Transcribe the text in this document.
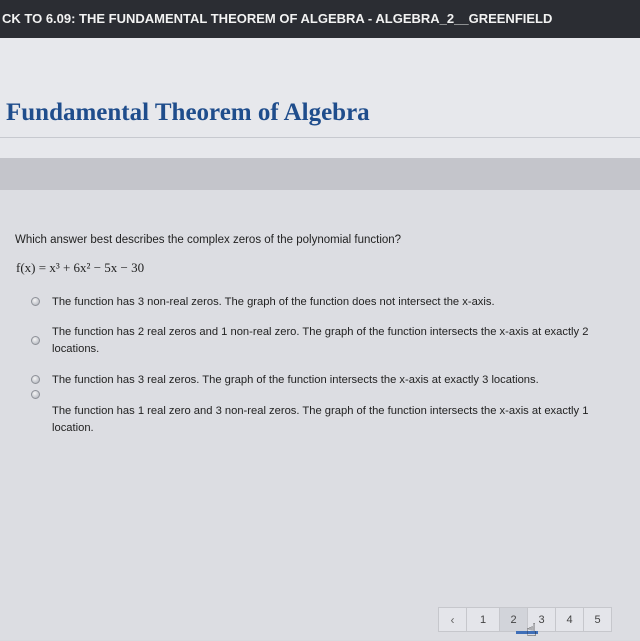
CK TO 6.09: THE FUNDAMENTAL THEOREM OF ALGEBRA - ALGEBRA_2__GREENFIELD
Fundamental Theorem of Algebra
Which answer best describes the complex zeros of the polynomial function?
f(x) = x³ + 6x² − 5x − 30
The function has 3 non-real zeros. The graph of the function does not intersect the x-axis.
The function has 2 real zeros and 1 non-real zero. The graph of the function intersects the x-axis at exactly 2 locations.
The function has 3 real zeros. The graph of the function intersects the x-axis at exactly 3 locations.
The function has 1 real zero and 3 non-real zeros. The graph of the function intersects the x-axis at exactly 1 location.
‹	1	2	3	4	5
☝
